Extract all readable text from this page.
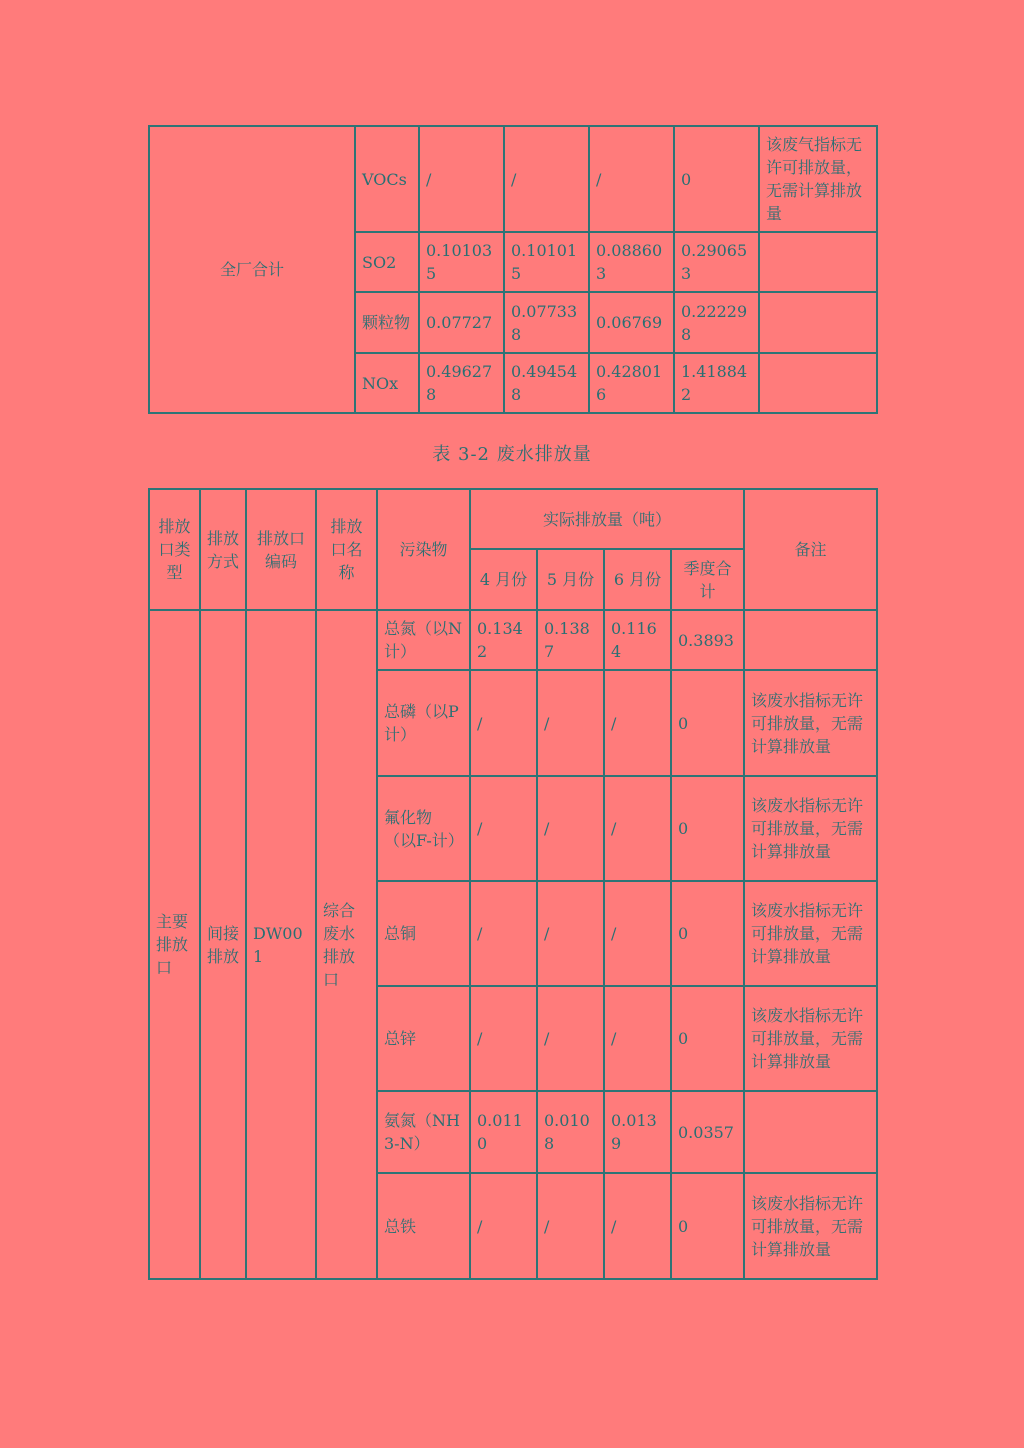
全厂合计	VOCs	/	/	/	0	该废气指标无许可排放量，无需计算排放量
	SO2	0.101035	0.101015	0.088603	0.290653	
	颗粒物	0.07727	0.077338	0.06769	0.222298	
	NOx	0.496278	0.494548	0.428016	1.418842	
表 3-2 废水排放量
排放口类型	排放方式	排放口编码	排放口名称	污染物	实际排放量（吨）				备注
					4 月份	5 月份	6 月份	季度合计	
主要排放口	间接排放	DW001	综合废水排放口	总氮（以N计）	0.1342	0.1387	0.1164	0.3893	
				总磷（以P计）	/	/	/	0	该废水指标无许可排放量，无需计算排放量
				氟化物（以F-计）	/	/	/	0	该废水指标无许可排放量，无需计算排放量
				总铜	/	/	/	0	该废水指标无许可排放量，无需计算排放量
				总锌	/	/	/	0	该废水指标无许可排放量，无需计算排放量
				氨氮（NH3-N）	0.0110	0.0108	0.0139	0.0357	
				总铁	/	/	/	0	该废水指标无许可排放量，无需计算排放量
